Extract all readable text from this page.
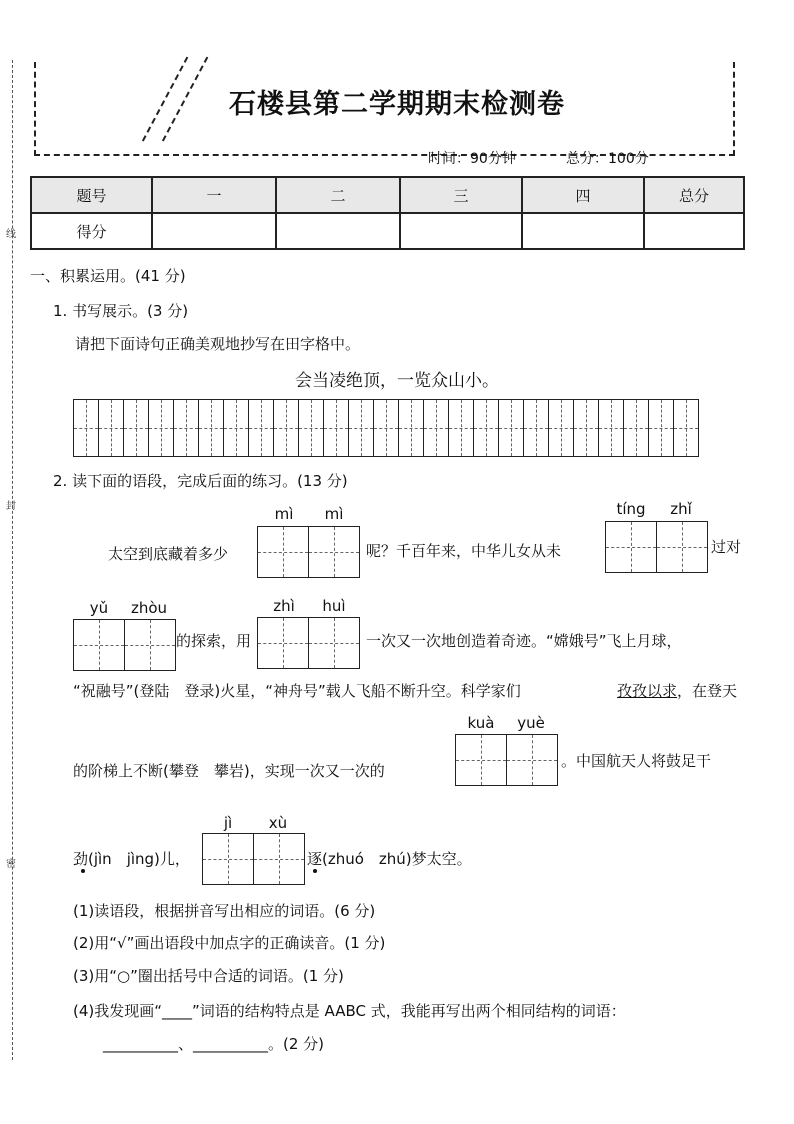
线
封
密
石楼县第二学期期末检测卷
时间：90分钟	总分：100分
题号	一	二	三	四	总分
得分					
一、积累运用。(41 分)
1. 书写展示。(3 分)
请把下面诗句正确美观地抄写在田字格中。
会当凌绝顶，一览众山小。
2. 读下面的语段，完成后面的练习。(13 分)
mì	mì
太空到底藏着多少	呢？千百年来，中华儿女从未
tíng	zhǐ
过对
yǔ	zhòu
的探索，用
zhì	huì
一次又一次地创造着奇迹。“嫦娥号”飞上月球，
“祝融号”(登陆　登录)火星，“神舟号”载人飞船不断升空。科学家们	孜孜以求 ，在登天
的阶梯上不断(攀登　攀岩)，实现一次又一次的
kuà	yuè
。中国航天人将鼓足干
劲(jìn　jìng)儿，
jì	xù
逐(zhuó　zhú)梦太空。
(1)读语段，根据拼音写出相应的词语。(6 分)
(2)用“√”画出语段中加点字的正确读音。(1 分)
(3)用“○”圈出括号中合适的词语。(1 分)
(4)我发现画“____”词语的结构特点是 AABC 式，我能再写出两个相同结构的词语：
__________、__________。(2 分)
